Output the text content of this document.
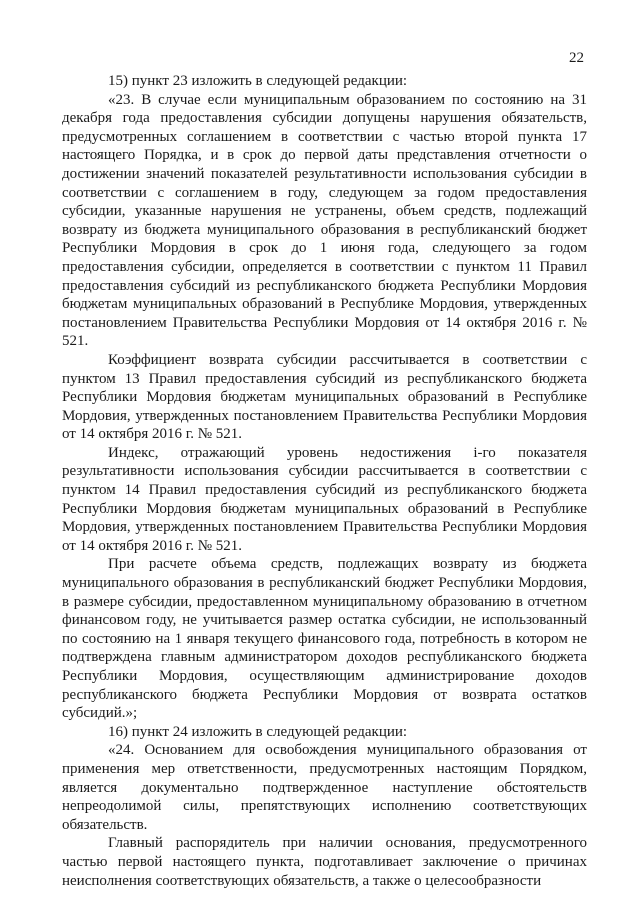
22

15) пункт 23 изложить в следующей редакции:

«23. В случае если муниципальным образованием по состоянию на 31 декабря года предоставления субсидии допущены нарушения обязательств, предусмотренных соглашением в соответствии с частью второй пункта 17 настоящего Порядка, и в срок до первой даты представления отчетности о достижении значений показателей результативности использования субсидии в соответствии с соглашением в году, следующем за годом предоставления субсидии, указанные нарушения не устранены, объем средств, подлежащий возврату из бюджета муниципального образования в республиканский бюджет Республики Мордовия в срок до 1 июня года, следующего за годом предоставления субсидии, определяется в соответствии с пунктом 11 Правил предоставления субсидий из республиканского бюджета Республики Мордовия бюджетам муниципальных образований в Республике Мордовия, утвержденных постановлением Правительства Республики Мордовия от 14 октября 2016 г. № 521.

Коэффициент возврата субсидии рассчитывается в соответствии с пунктом 13 Правил предоставления субсидий из республиканского бюджета Республики Мордовия бюджетам муниципальных образований в Республике Мордовия, утвержденных постановлением Правительства Республики Мордовия от 14 октября 2016 г. № 521.

Индекс, отражающий уровень недостижения i-го показателя результативности использования субсидии рассчитывается в соответствии с пунктом 14 Правил предоставления субсидий из республиканского бюджета Республики Мордовия бюджетам муниципальных образований в Республике Мордовия, утвержденных постановлением Правительства Республики Мордовия от 14 октября 2016 г. № 521.

При расчете объема средств, подлежащих возврату из бюджета муниципального образования в республиканский бюджет Республики Мордовия, в размере субсидии, предоставленном муниципальному образованию в отчетном финансовом году, не учитывается размер остатка субсидии, не использованный по состоянию на 1 января текущего финансового года, потребность в котором не подтверждена главным администратором доходов республиканского бюджета Республики Мордовия, осуществляющим администрирование доходов республиканского бюджета Республики Мордовия от возврата остатков субсидий.»;

16) пункт 24 изложить в следующей редакции:

«24. Основанием для освобождения муниципального образования от применения мер ответственности, предусмотренных настоящим Порядком, является документально подтвержденное наступление обстоятельств непреодолимой силы, препятствующих исполнению соответствующих обязательств.

Главный распорядитель при наличии основания, предусмотренного частью первой настоящего пункта, подготавливает заключение о причинах неисполнения соответствующих обязательств, а также о целесообразности
